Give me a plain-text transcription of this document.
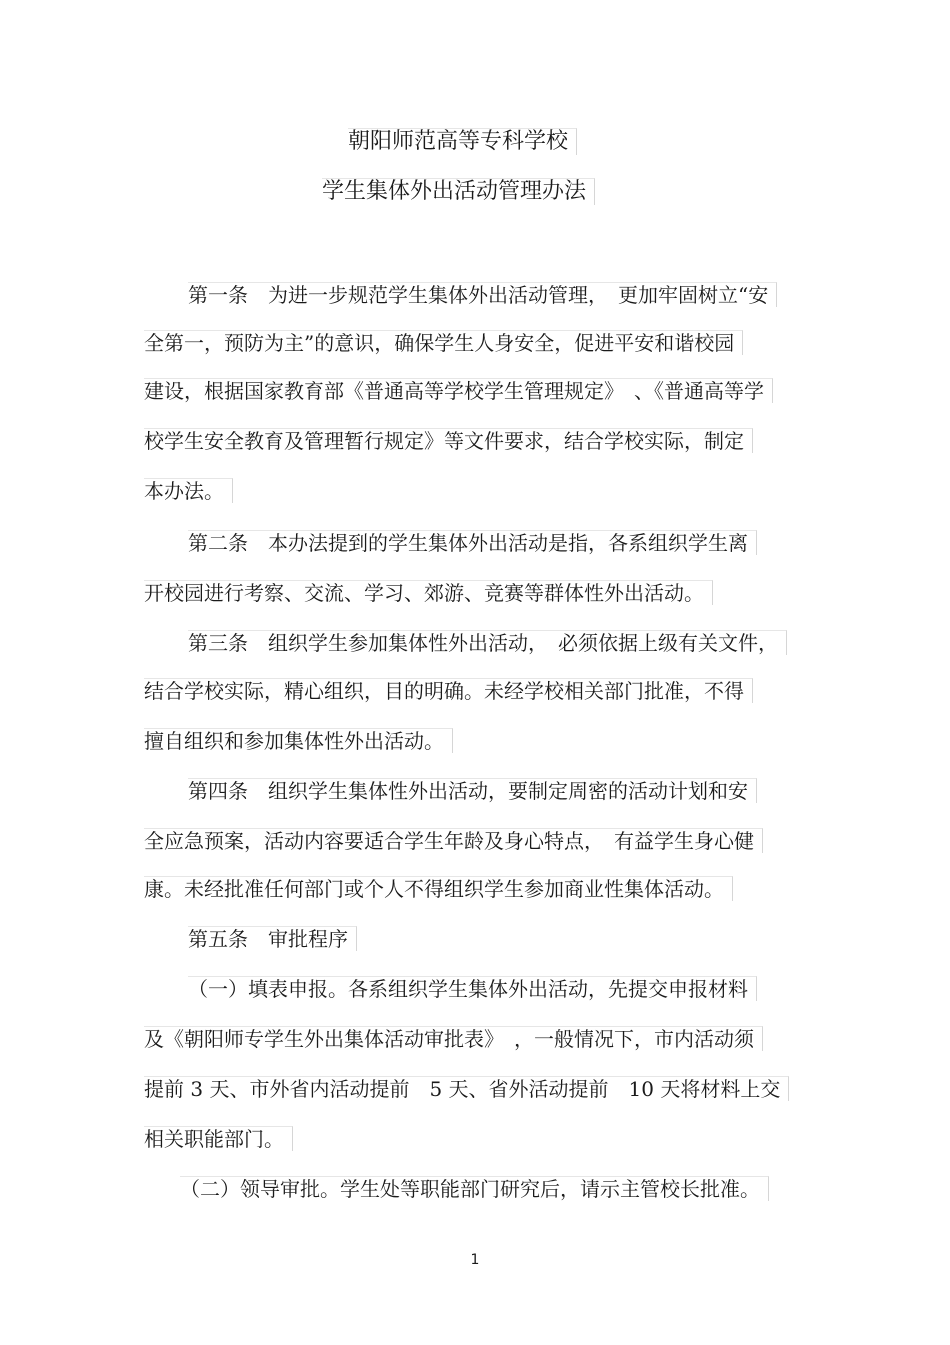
朝阳师范高等专科学校
学生集体外出活动管理办法
第一条　为进一步规范学生集体外出活动管理，　更加牢固树立“安
全第一，预防为主”的意识，确保学生人身安全，促进平安和谐校园
建设，根据国家教育部《普通高等学校学生管理规定》　、《普通高等学
校学生安全教育及管理暂行规定》等文件要求，结合学校实际，制定
本办法。
第二条　本办法提到的学生集体外出活动是指，各系组织学生离
开校园进行考察、交流、学习、郊游、竞赛等群体性外出活动。
第三条　组织学生参加集体性外出活动，　必须依据上级有关文件，
结合学校实际，精心组织，目的明确。未经学校相关部门批准，不得
擅自组织和参加集体性外出活动。
第四条　组织学生集体性外出活动，要制定周密的活动计划和安
全应急预案，活动内容要适合学生年龄及身心特点，　有益学生身心健
康。未经批准任何部门或个人不得组织学生参加商业性集体活动。
第五条　审批程序
（一）填表申报。各系组织学生集体外出活动，先提交申报材料
及《朝阳师专学生外出集体活动审批表》　，一般情况下，市内活动须
提前 3 天、市外省内活动提前　5 天、省外活动提前　10 天将材料上交
相关职能部门。
（二）领导审批。学生处等职能部门研究后，请示主管校长批准。
1
